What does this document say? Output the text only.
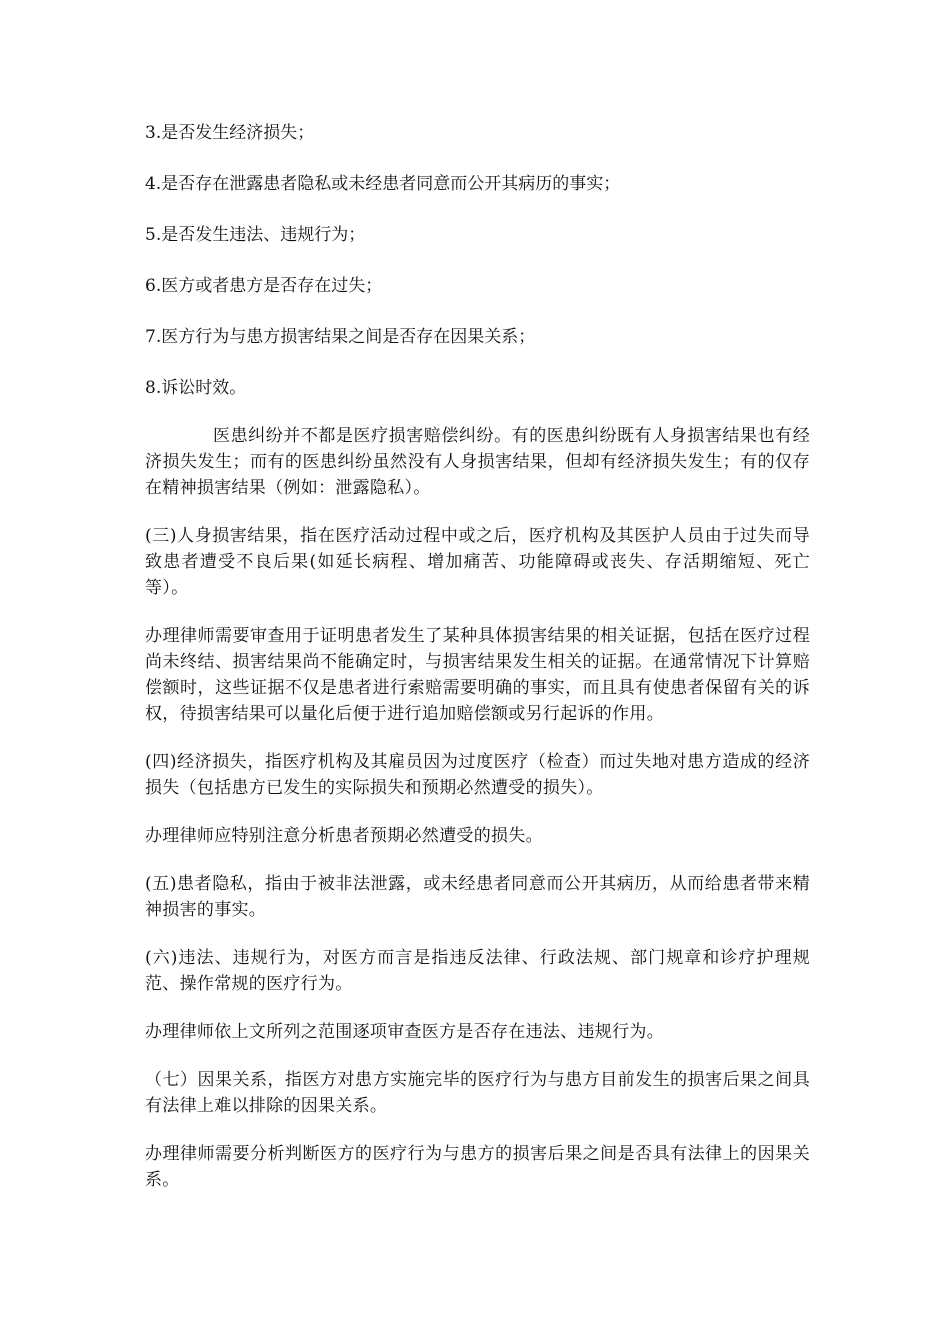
3.是否发生经济损失；
4.是否存在泄露患者隐私或未经患者同意而公开其病历的事实；
5.是否发生违法、违规行为；
6.医方或者患方是否存在过失；
7.医方行为与患方损害结果之间是否存在因果关系；
8.诉讼时效。

医患纠纷并不都是医疗损害赔偿纠纷。有的医患纠纷既有人身损害结果也有经济损失发生；而有的医患纠纷虽然没有人身损害结果，但却有经济损失发生；有的仅存在精神损害结果（例如：泄露隐私）。

(三)人身损害结果，指在医疗活动过程中或之后，医疗机构及其医护人员由于过失而导致患者遭受不良后果(如延长病程、增加痛苦、功能障碍或丧失、存活期缩短、死亡等）。

办理律师需要审查用于证明患者发生了某种具体损害结果的相关证据，包括在医疗过程尚未终结、损害结果尚不能确定时，与损害结果发生相关的证据。在通常情况下计算赔偿额时，这些证据不仅是患者进行索赔需要明确的事实，而且具有使患者保留有关的诉权，待损害结果可以量化后便于进行追加赔偿额或另行起诉的作用。

(四)经济损失，指医疗机构及其雇员因为过度医疗（检查）而过失地对患方造成的经济损失（包括患方已发生的实际损失和预期必然遭受的损失）。

办理律师应特别注意分析患者预期必然遭受的损失。

(五)患者隐私，指由于被非法泄露，或未经患者同意而公开其病历，从而给患者带来精神损害的事实。

(六)违法、违规行为，对医方而言是指违反法律、行政法规、部门规章和诊疗护理规范、操作常规的医疗行为。

办理律师依上文所列之范围逐项审查医方是否存在违法、违规行为。

（七）因果关系，指医方对患方实施完毕的医疗行为与患方目前发生的损害后果之间具有法律上难以排除的因果关系。

办理律师需要分析判断医方的医疗行为与患方的损害后果之间是否具有法律上的因果关系。
